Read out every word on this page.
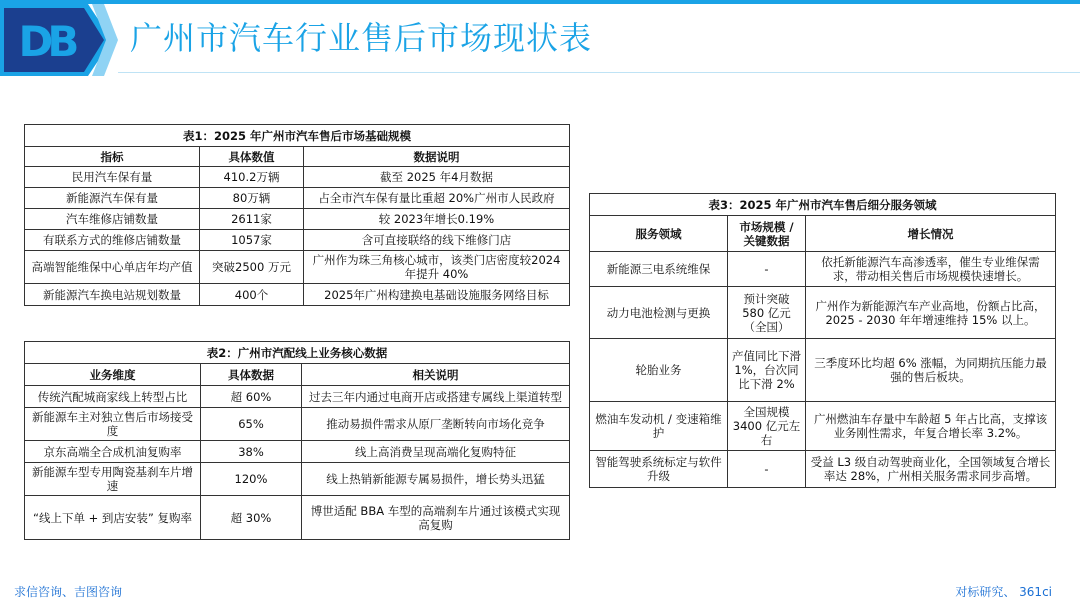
DB 广州市汽车行业售后市场现状表
表1：2025 年广州市汽车售后市场基础规模		
指标	具体数值	数据说明
民用汽车保有量	410.2万辆	截至 2025 年4月数据
新能源汽车保有量	80万辆	占全市汽车保有量比重超 20%广州市人民政府
汽车维修店铺数量	2611家	较 2023年增长0.19%
有联系方式的维修店铺数量	1057家	含可直接联络的线下维修门店
高端智能维保中心单店年均产值	突破2500 万元	广州作为珠三角核心城市，该类门店密度较2024年提升 40%
新能源汽车换电站规划数量	400个	2025年广州构建换电基础设施服务网络目标
表2：广州市汽配线上业务核心数据		
业务维度	具体数据	相关说明
传统汽配城商家线上转型占比	超 60%	过去三年内通过电商开店或搭建专属线上渠道转型
新能源车主对独立售后市场接受度	65%	推动易损件需求从原厂垄断转向市场化竞争
京东高端全合成机油复购率	38%	线上高消费呈现高端化复购特征
新能源车型专用陶瓷基刹车片增速	120%	线上热销新能源专属易损件，增长势头迅猛
“线上下单 + 到店安装” 复购率	超 30%	博世适配 BBA 车型的高端刹车片通过该模式实现高复购
表3：2025 年广州市汽车售后细分服务领域		
服务领域	市场规模 / 关键数据	增长情况
新能源三电系统维保	-	依托新能源汽车高渗透率，催生专业维保需求，带动相关售后市场规模快速增长。
动力电池检测与更换	预计突破 580 亿元（全国）	广州作为新能源汽车产业高地，份额占比高，2025 - 2030 年年增速维持 15% 以上。
轮胎业务	产值同比下滑 1%，台次同比下滑 2%	三季度环比均超 6% 涨幅，为同期抗压能力最强的售后板块。
燃油车发动机 / 变速箱维护	全国规模 3400 亿元左右	广州燃油车存量中车龄超 5 年占比高，支撑该业务刚性需求，年复合增长率 3.2%。
智能驾驶系统标定与软件升级	-	受益 L3 级自动驾驶商业化，全国领域复合增长率达 28%，广州相关服务需求同步高增。
求信咨询、吉图咨询	对标研究、 361ci
